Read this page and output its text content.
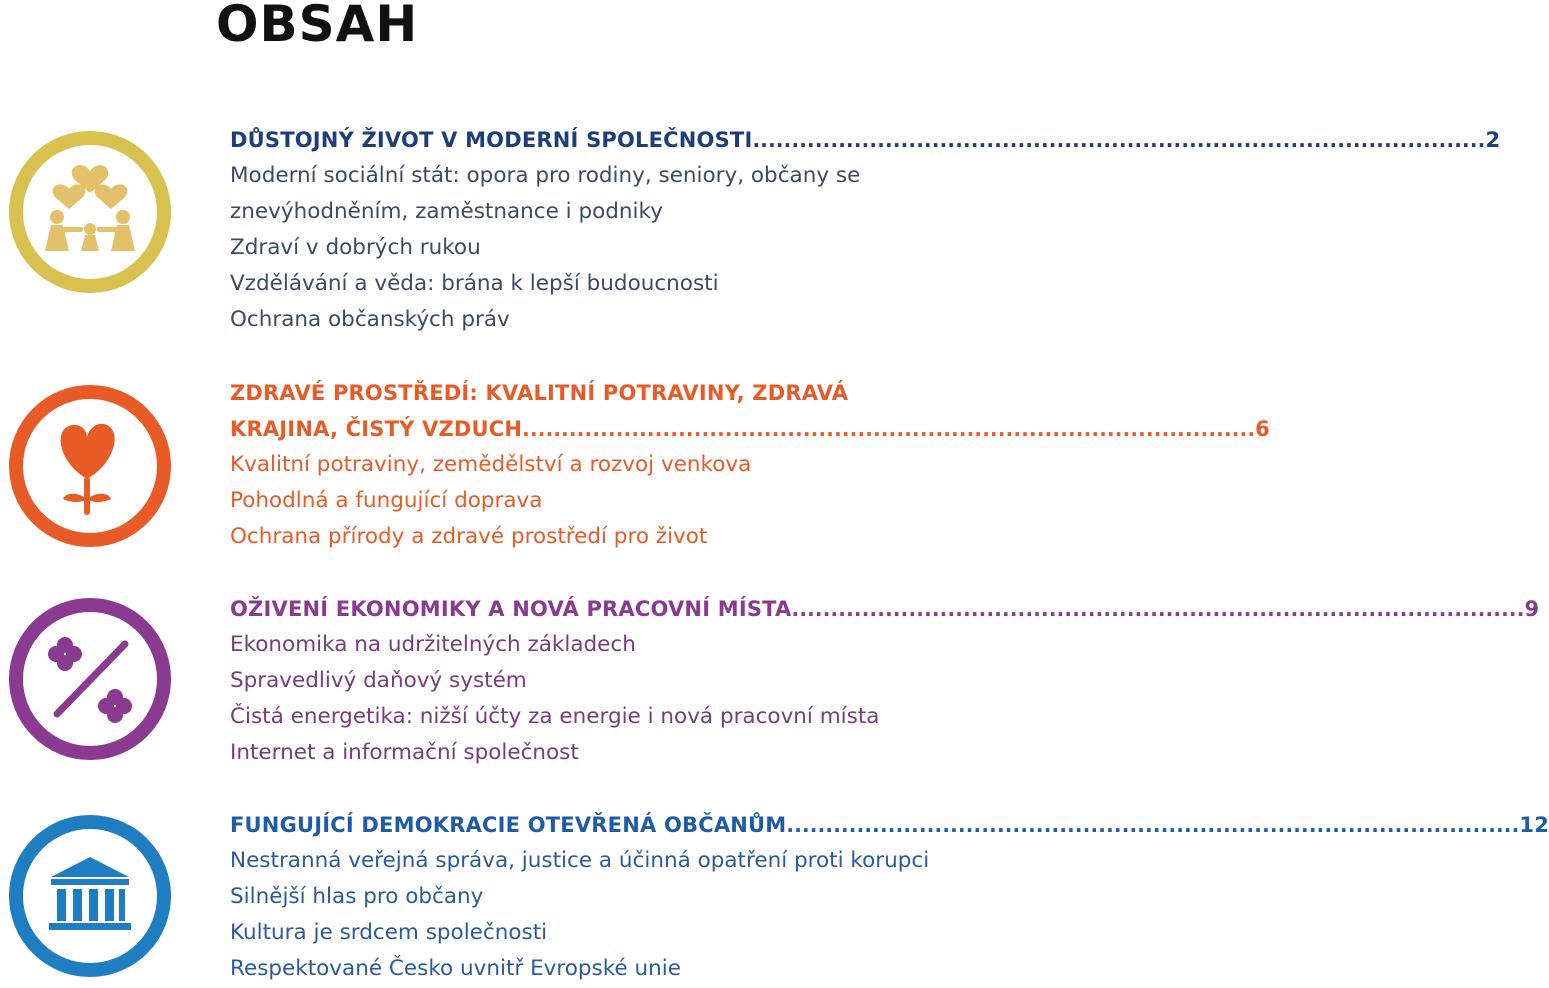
OBSAH
DŮSTOJNÝ ŽIVOT V MODERNÍ SPOLEČNOSTI .............................................................................................. 2
Moderní sociální stát: opora pro rodiny, seniory, občany se
znevýhodněním, zaměstnance i podniky
Zdraví v dobrých rukou
Vzdělávání a věda: brána k lepší budoucnosti
Ochrana občanských práv
ZDRAVÉ PROSTŘEDÍ: KVALITNÍ POTRAVINY, ZDRAVÁ
KRAJINA, ČISTÝ VZDUCH .............................................................................................. 6
Kvalitní potraviny, zemědělství a rozvoj venkova
Pohodlná a fungující doprava
Ochrana přírody a zdravé prostředí pro život
OŽIVENÍ EKONOMIKY A NOVÁ PRACOVNÍ MÍSTA .............................................................................................. 9
Ekonomika na udržitelných základech
Spravedlivý daňový systém
Čistá energetika: nižší účty za energie i nová pracovní místa
Internet a informační společnost
FUNGUJÍCÍ DEMOKRACIE OTEVŘENÁ OBČANŮM .............................................................................................. 12
Nestranná veřejná správa, justice a účinná opatření proti korupci
Silnější hlas pro občany
Kultura je srdcem společnosti
Respektované Česko uvnitř Evropské unie
